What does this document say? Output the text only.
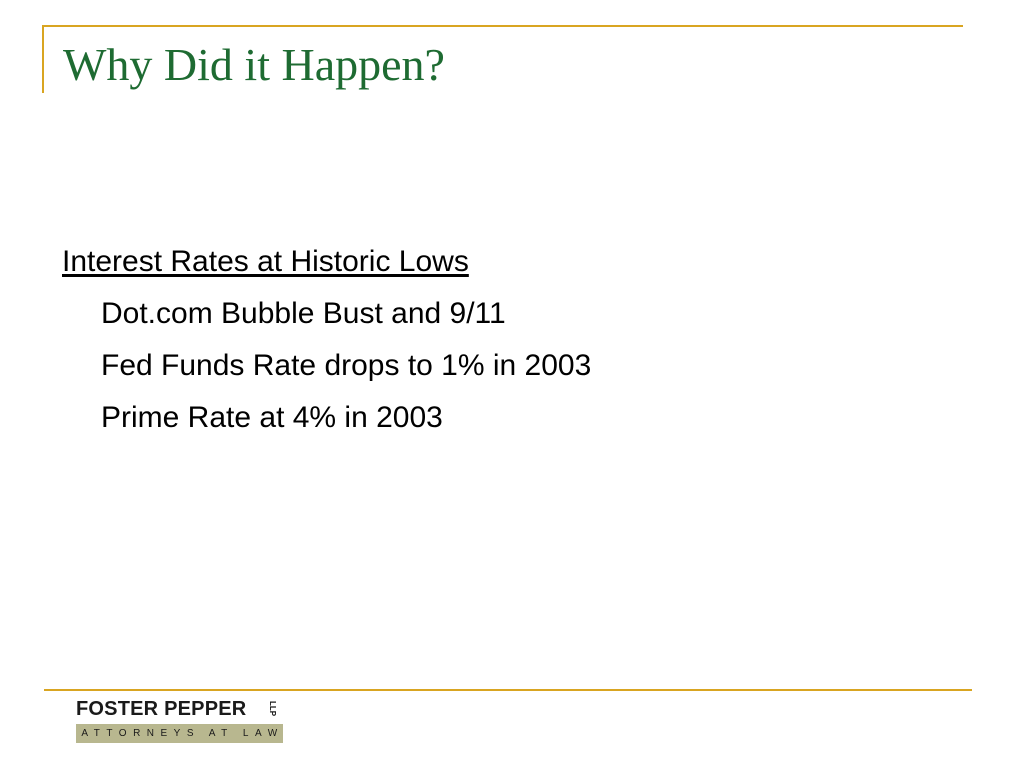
Why Did it Happen?
Interest Rates at Historic Lows
Dot.com Bubble Bust and 9/11
Fed Funds Rate drops to 1% in 2003
Prime Rate at 4% in 2003
FOSTER PEPPER	LLP
ATTORNEYS AT LAW
